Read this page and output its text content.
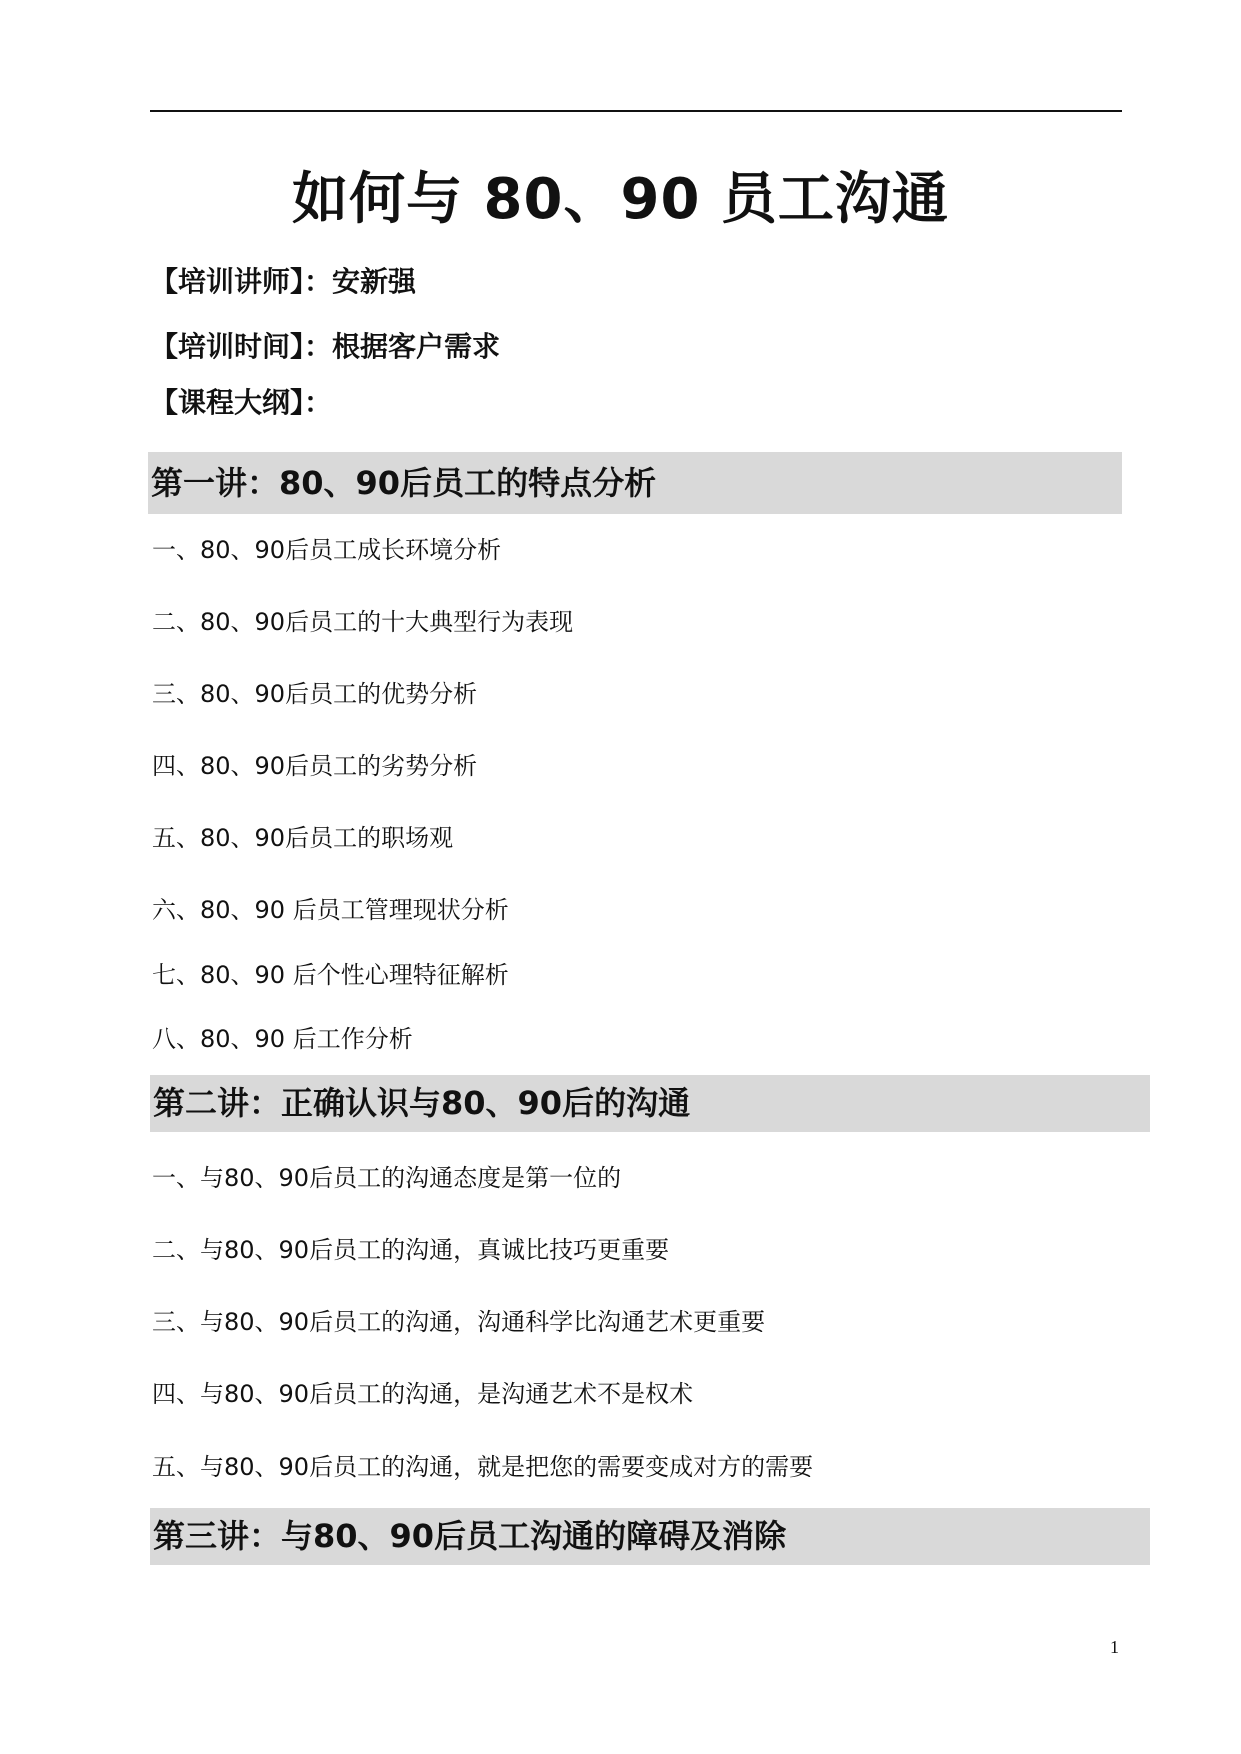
如何与 80、90 员工沟通
【培训讲师】：安新强
【培训时间】：根据客户需求
【课程大纲】：
第一讲：80、90后员工的特点分析
一、80、90后员工成长环境分析
二、80、90后员工的十大典型行为表现
三、80、90后员工的优势分析
四、80、90后员工的劣势分析
五、80、90后员工的职场观
六、80、90 后员工管理现状分析
七、80、90 后个性心理特征解析
八、80、90 后工作分析
第二讲：正确认识与80、90后的沟通
一、与80、90后员工的沟通态度是第一位的
二、与80、90后员工的沟通，真诚比技巧更重要
三、与80、90后员工的沟通，沟通科学比沟通艺术更重要
四、与80、90后员工的沟通，是沟通艺术不是权术
五、与80、90后员工的沟通，就是把您的需要变成对方的需要
第三讲：与80、90后员工沟通的障碍及消除
1
